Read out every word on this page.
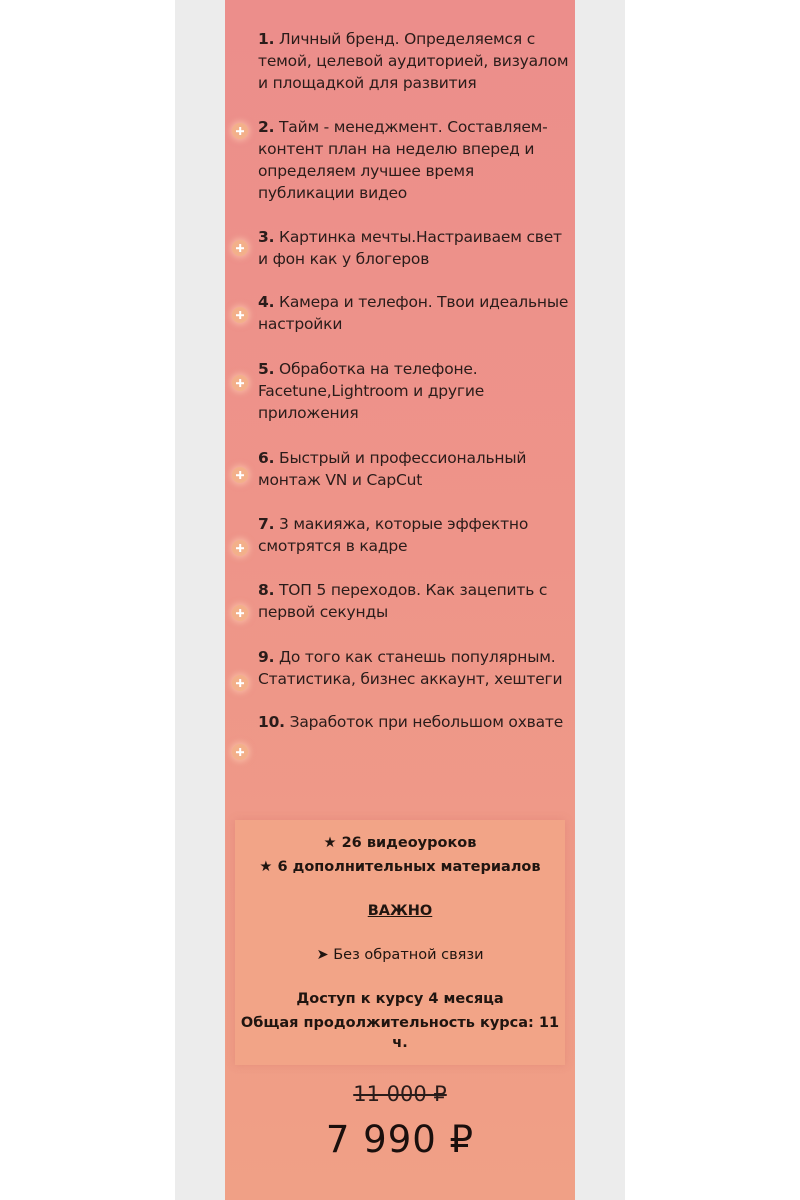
1. Личный бренд. Определяемся с темой, целевой аудиторией, визуалом и площадкой для развития
2. Тайм - менеджмент. Составляем-контент план на неделю вперед и определяем лучшее время публикации видео
3. Картинка мечты.Настраиваем свет и фон как у блогеров
4. Камера и телефон. Твои идеальные настройки
5. Обработка на телефоне. Facetune,Lightroom и другие приложения
6. Быстрый и профессиональный монтаж VN и CapCut
7. 3 макияжа, которые эффектно смотрятся в кадре
8. ТОП 5 переходов. Как зацепить с первой секунды
9. До того как станешь популярным. Статистика, бизнес аккаунт, хештеги
10. Заработок при небольшом охвате
★ 26 видеоуроков
★ 6 дополнительных материалов
ВАЖНО
➤ Без обратной связи
Доступ к курсу 4 месяца
Общая продолжительность курса: 11 ч.
11 000 ₽
7 990 ₽
